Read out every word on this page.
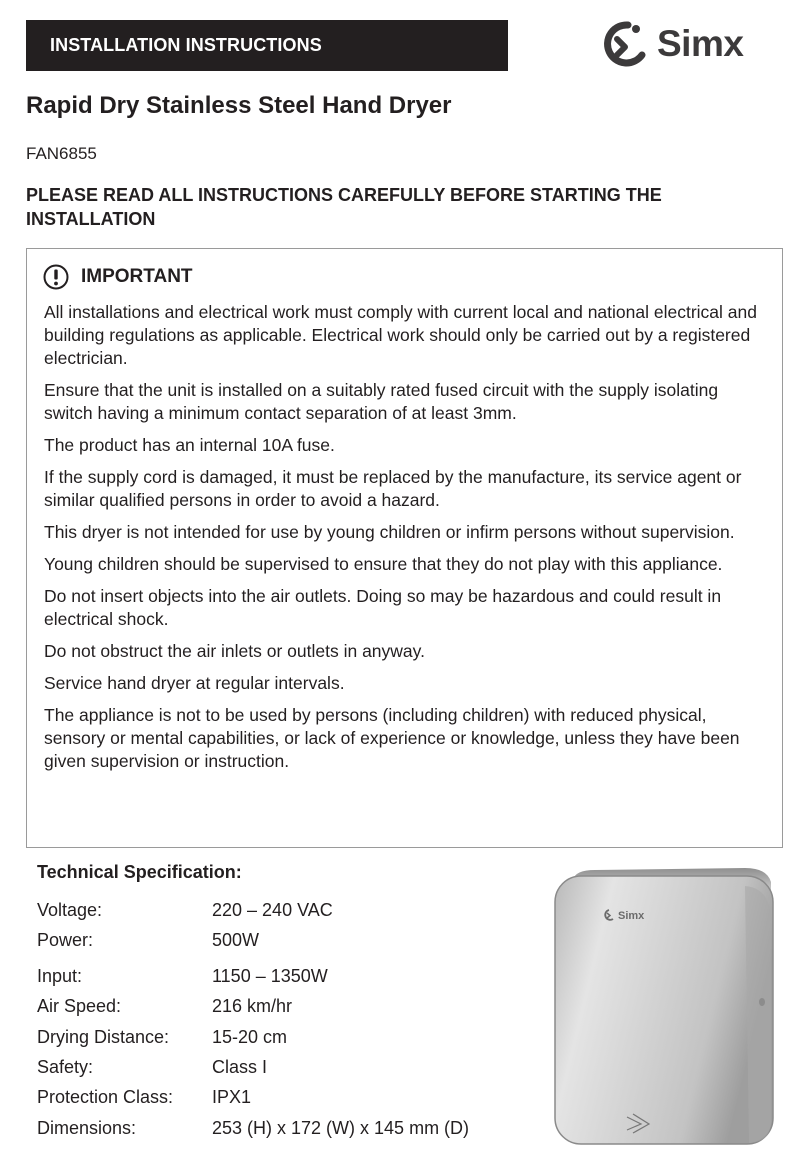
INSTALLATION INSTRUCTIONS	Simx
Rapid Dry Stainless Steel Hand Dryer
FAN6855

PLEASE READ ALL INSTRUCTIONS CAREFULLY BEFORE STARTING THE INSTALLATION

IMPORTANT

All installations and electrical work must comply with current local and national electrical and building regulations as applicable. Electrical work should only be carried out by a registered electrician.

Ensure that the unit is installed on a suitably rated fused circuit with the supply isolating switch having a minimum contact separation of at least 3mm.

The product has an internal 10A fuse.

If the supply cord is damaged, it must be replaced by the manufacture, its service agent or similar qualified persons in order to avoid a hazard.

This dryer is not intended for use by young children or infirm persons without supervision.

Young children should be supervised to ensure that they do not play with this appliance.

Do not insert objects into the air outlets. Doing so may be hazardous and could result in electrical shock.

Do not obstruct the air inlets or outlets in anyway.

Service hand dryer at regular intervals.

The appliance is not to be used by persons (including children) with reduced physical, sensory or mental capabilities, or lack of experience or knowledge, unless they have been given supervision or instruction.

Technical Specification:
Voltage:	220 – 240 VAC
Power:	500W
Input:	1150 – 1350W
Air Speed:	216 km/hr
Drying Distance: 15-20 cm
Safety:	Class I
Protection Class: IPX1
Dimensions:	253 (H) x 172 (W) x 145 mm (D)
Simx
